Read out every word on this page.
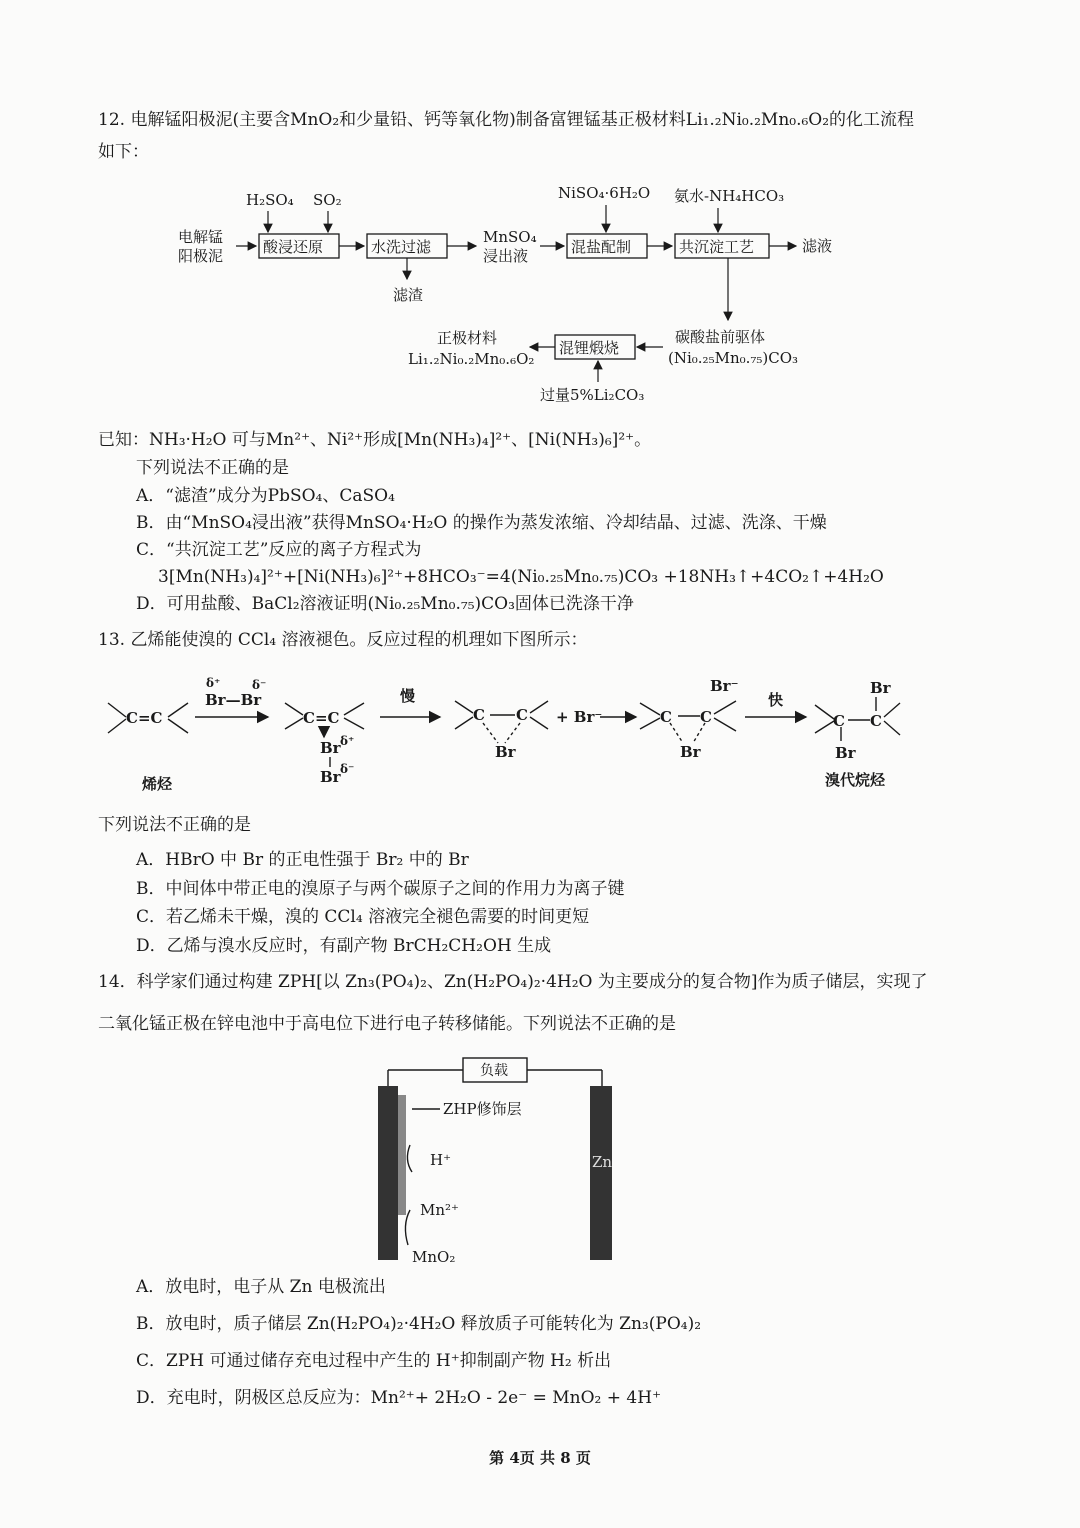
12. 电解锰阳极泥(主要含MnO₂和少量铅、钙等氧化物)制备富锂锰基正极材料Li₁.₂Ni₀.₂Mn₀.₆O₂的化工流程
如下：
电解锰
阳极泥
H₂SO₄ SO₂
酸浸还原	水洗过滤
滤渣
MnSO₄
浸出液
NiSO₄·6H₂O
混盐配制
氨水-NH₄HCO₃
共沉淀工艺	滤液
碳酸盐前驱体
(Ni₀.₂₅Mn₀.₇₅)CO₃
混锂煅烧
过量5%Li₂CO₃
正极材料
Li₁.₂Ni₀.₂Mn₀.₆O₂
已知：NH₃·H₂O 可与Mn²⁺、Ni²⁺形成[Mn(NH₃)₄]²⁺、[Ni(NH₃)₆]²⁺。
下列说法不正确的是
A．“滤渣”成分为PbSO₄、CaSO₄
B．由“MnSO₄浸出液”获得MnSO₄·H₂O 的操作为蒸发浓缩、冷却结晶、过滤、洗涤、干燥
C．“共沉淀工艺”反应的离子方程式为
3[Mn(NH₃)₄]²⁺+[Ni(NH₃)₆]²⁺+8HCO₃⁻=4(Ni₀.₂₅Mn₀.₇₅)CO₃ +18NH₃↑+4CO₂↑+4H₂O
D．可用盐酸、BaCl₂溶液证明(Ni₀.₂₅Mn₀.₇₅)CO₃固体已洗涤干净
13. 乙烯能使溴的 CCl₄ 溶液褪色。反应过程的机理如下图所示：
C=C	C=C	C C	C C	C C
Br—Br
δ⁺	δ⁻
Br δ⁺
Br δ⁻
慢
Br
+ Br⁻
Br⁻
Br
快
Br
Br
烯烃	溴代烷烃
下列说法不正确的是
A．HBrO 中 Br 的正电性强于 Br₂ 中的 Br
B．中间体中带正电的溴原子与两个碳原子之间的作用力为离子键
C．若乙烯未干燥，溴的 CCl₄ 溶液完全褪色需要的时间更短
D．乙烯与溴水反应时，有副产物 BrCH₂CH₂OH 生成
14．科学家们通过构建 ZPH[以 Zn₃(PO₄)₂、Zn(H₂PO₄)₂·4H₂O 为主要成分的复合物]作为质子储层，实现了
二氧化锰正极在锌电池中于高电位下进行电子转移储能。下列说法不正确的是
负载
ZHP修饰层
H⁺
Mn²⁺
MnO₂
Zn
A．放电时，电子从 Zn 电极流出
B．放电时，质子储层 Zn(H₂PO₄)₂·4H₂O 释放质子可能转化为 Zn₃(PO₄)₂
C．ZPH 可通过储存充电过程中产生的 H⁺抑制副产物 H₂ 析出
D．充电时，阴极区总反应为：Mn²⁺+ 2H₂O - 2e⁻ = MnO₂ + 4H⁺
第 4页 共 8 页
